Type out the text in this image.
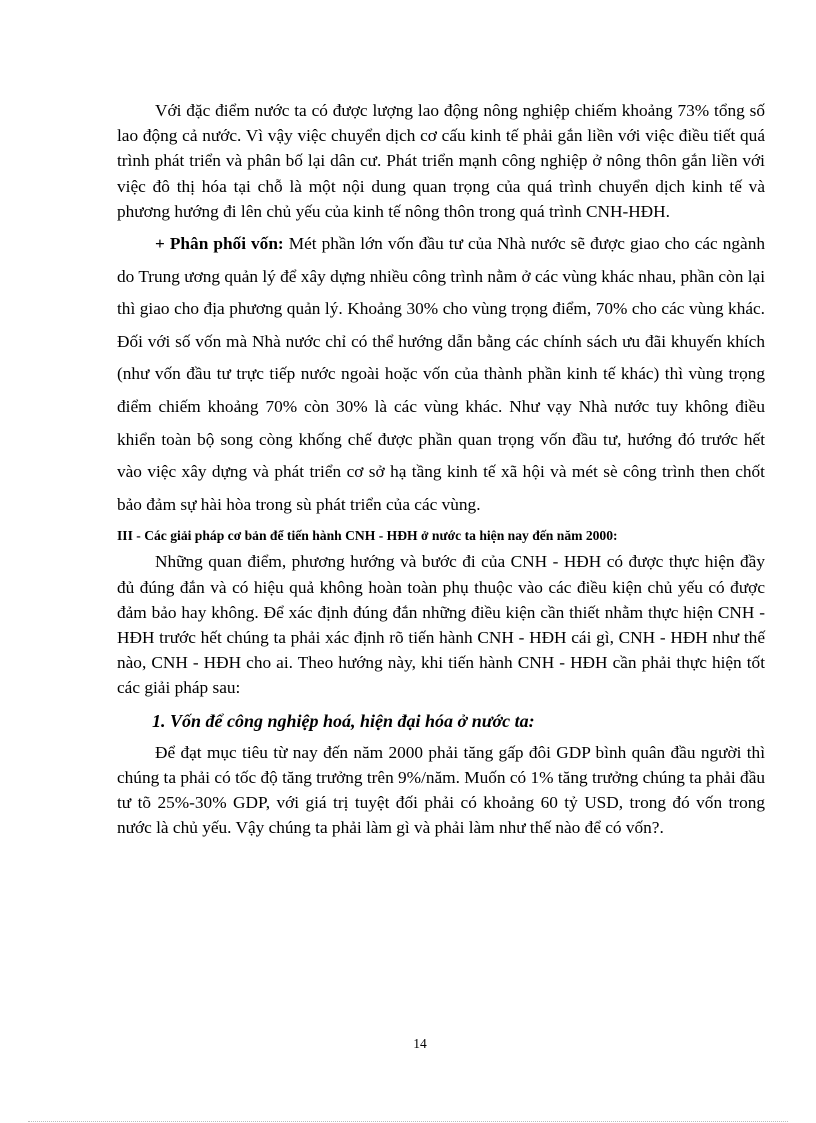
Với đặc điểm nước ta có được lượng lao động nông nghiệp chiếm khoảng 73% tổng số lao động cả nước. Vì vậy việc chuyển dịch cơ cấu kinh tế phải gắn liền với việc điều tiết quá trình phát triển và phân bố lại dân cư. Phát triển mạnh công nghiệp ở nông thôn gắn liền với việc đô thị hóa tại chỗ là một nội dung quan trọng của quá trình chuyển dịch kinh tế và phương hướng đi lên chủ yếu của kinh tế nông thôn trong quá trình CNH-HĐH.

+ Phân phối vốn: Mét phần lớn vốn đầu tư của Nhà nước sẽ được giao cho các ngành do Trung ương quản lý để xây dựng nhiều công trình nằm ở các vùng khác nhau, phần còn lại thì giao cho địa phương quản lý. Khoảng 30% cho vùng trọng điểm, 70% cho các vùng khác. Đối với số vốn mà Nhà nước chỉ có thể hướng dẫn bằng các chính sách ưu đãi khuyến khích (như vốn đầu tư trực tiếp nước ngoài hoặc vốn của thành phần kinh tế khác) thì vùng trọng điểm chiếm khoảng 70% còn 30% là các vùng khác. Như vạy Nhà nước tuy không điều khiển toàn bộ song còng khống chế được phần quan trọng vốn đầu tư, hướng đó trước hết vào việc xây dựng và phát triển cơ sở hạ tầng kinh tế xã hội và mét sè công trình then chốt bảo đảm sự hài hòa trong sù phát triển của các vùng.

III - Các giải pháp cơ bản để tiến hành CNH - HĐH ở nước ta hiện nay đến năm 2000:

Những quan điểm, phương hướng và bước đi của CNH - HĐH có được thực hiện đầy đủ đúng đắn và có hiệu quả không hoàn toàn phụ thuộc vào các điều kiện chủ yếu có được đảm bảo hay không. Để xác định đúng đắn những điều kiện cần thiết nhằm thực hiện CNH - HĐH trước hết chúng ta phải xác định rõ tiến hành CNH - HĐH cái gì, CNH - HĐH như thế nào, CNH - HĐH cho ai. Theo hướng này, khi tiến hành CNH - HĐH cần phải thực hiện tốt các giải pháp sau:

1. Vốn để công nghiệp hoá, hiện đại hóa ở nước ta:

Để đạt mục tiêu từ nay đến năm 2000 phải tăng gấp đôi GDP bình quân đầu người thì chúng ta phải có tốc độ tăng trưởng trên 9%/năm. Muốn có 1% tăng trưởng chúng ta phải đầu tư tõ 25%-30% GDP, với giá trị tuyệt đối phải có khoảng 60 tỷ USD, trong đó vốn trong nước là chủ yếu. Vậy chúng ta phải làm gì và phải làm như thế nào để có vốn?.

14
